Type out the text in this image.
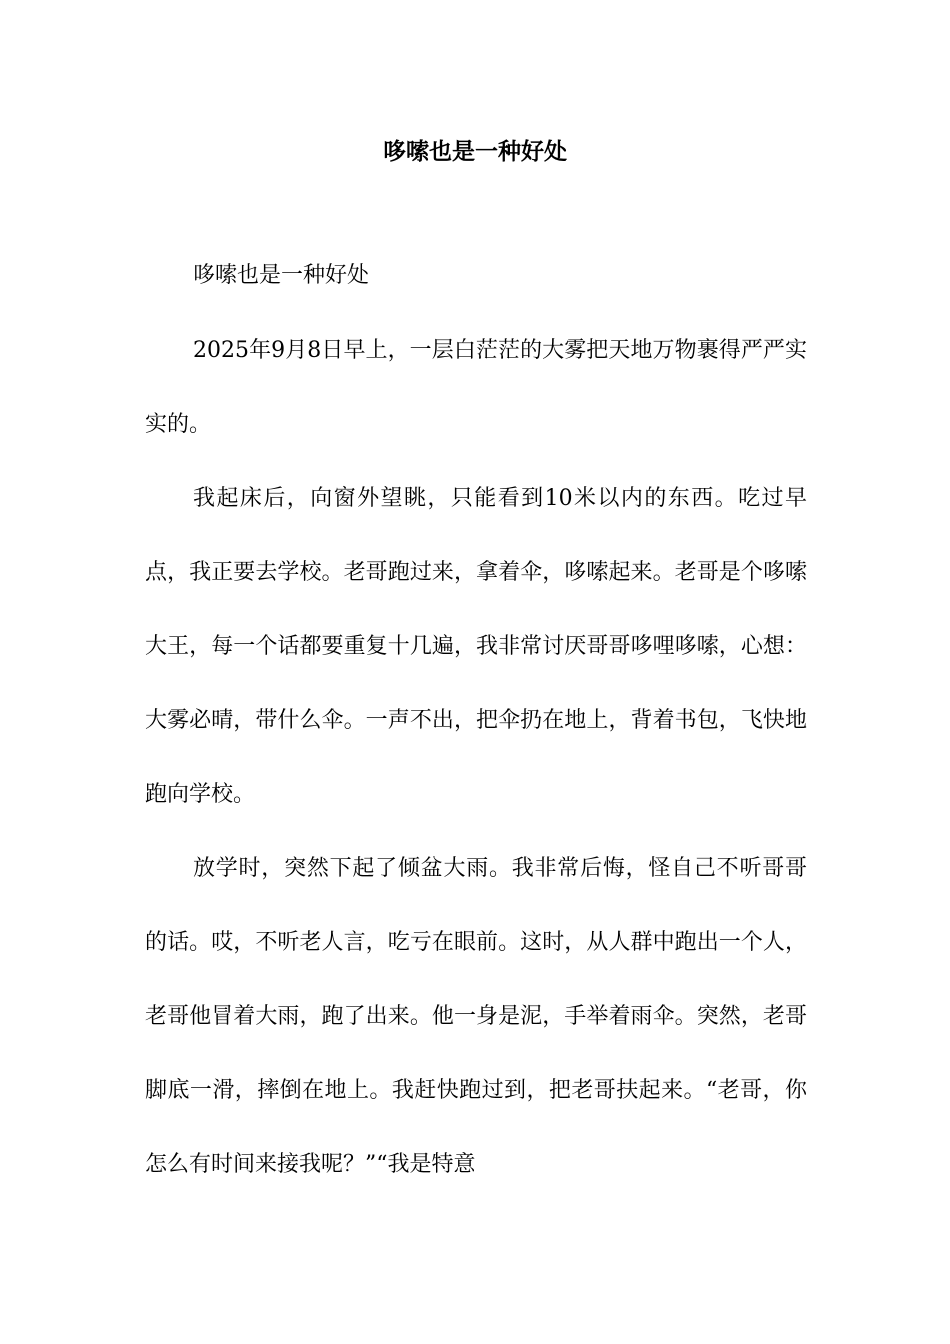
哆嗦也是一种好处

哆嗦也是一种好处

2025年9月8日早上，一层白茫茫的大雾把天地万物裹得严严实实的。

我起床后，向窗外望眺，只能看到10米以内的东西。吃过早点，我正要去学校。老哥跑过来，拿着伞，哆嗦起来。老哥是个哆嗦大王，每一个话都要重复十几遍，我非常讨厌哥哥哆哩哆嗦，心想：大雾必晴，带什么伞。一声不出，把伞扔在地上，背着书包，飞快地跑向学校。

放学时，突然下起了倾盆大雨。我非常后悔，怪自己不听哥哥的话。哎，不听老人言，吃亏在眼前。这时，从人群中跑出一个人，老哥他冒着大雨，跑了出来。他一身是泥，手举着雨伞。突然，老哥脚底一滑，摔倒在地上。我赶快跑过到，把老哥扶起来。“老哥，你怎么有时间来接我呢？”“我是特意
